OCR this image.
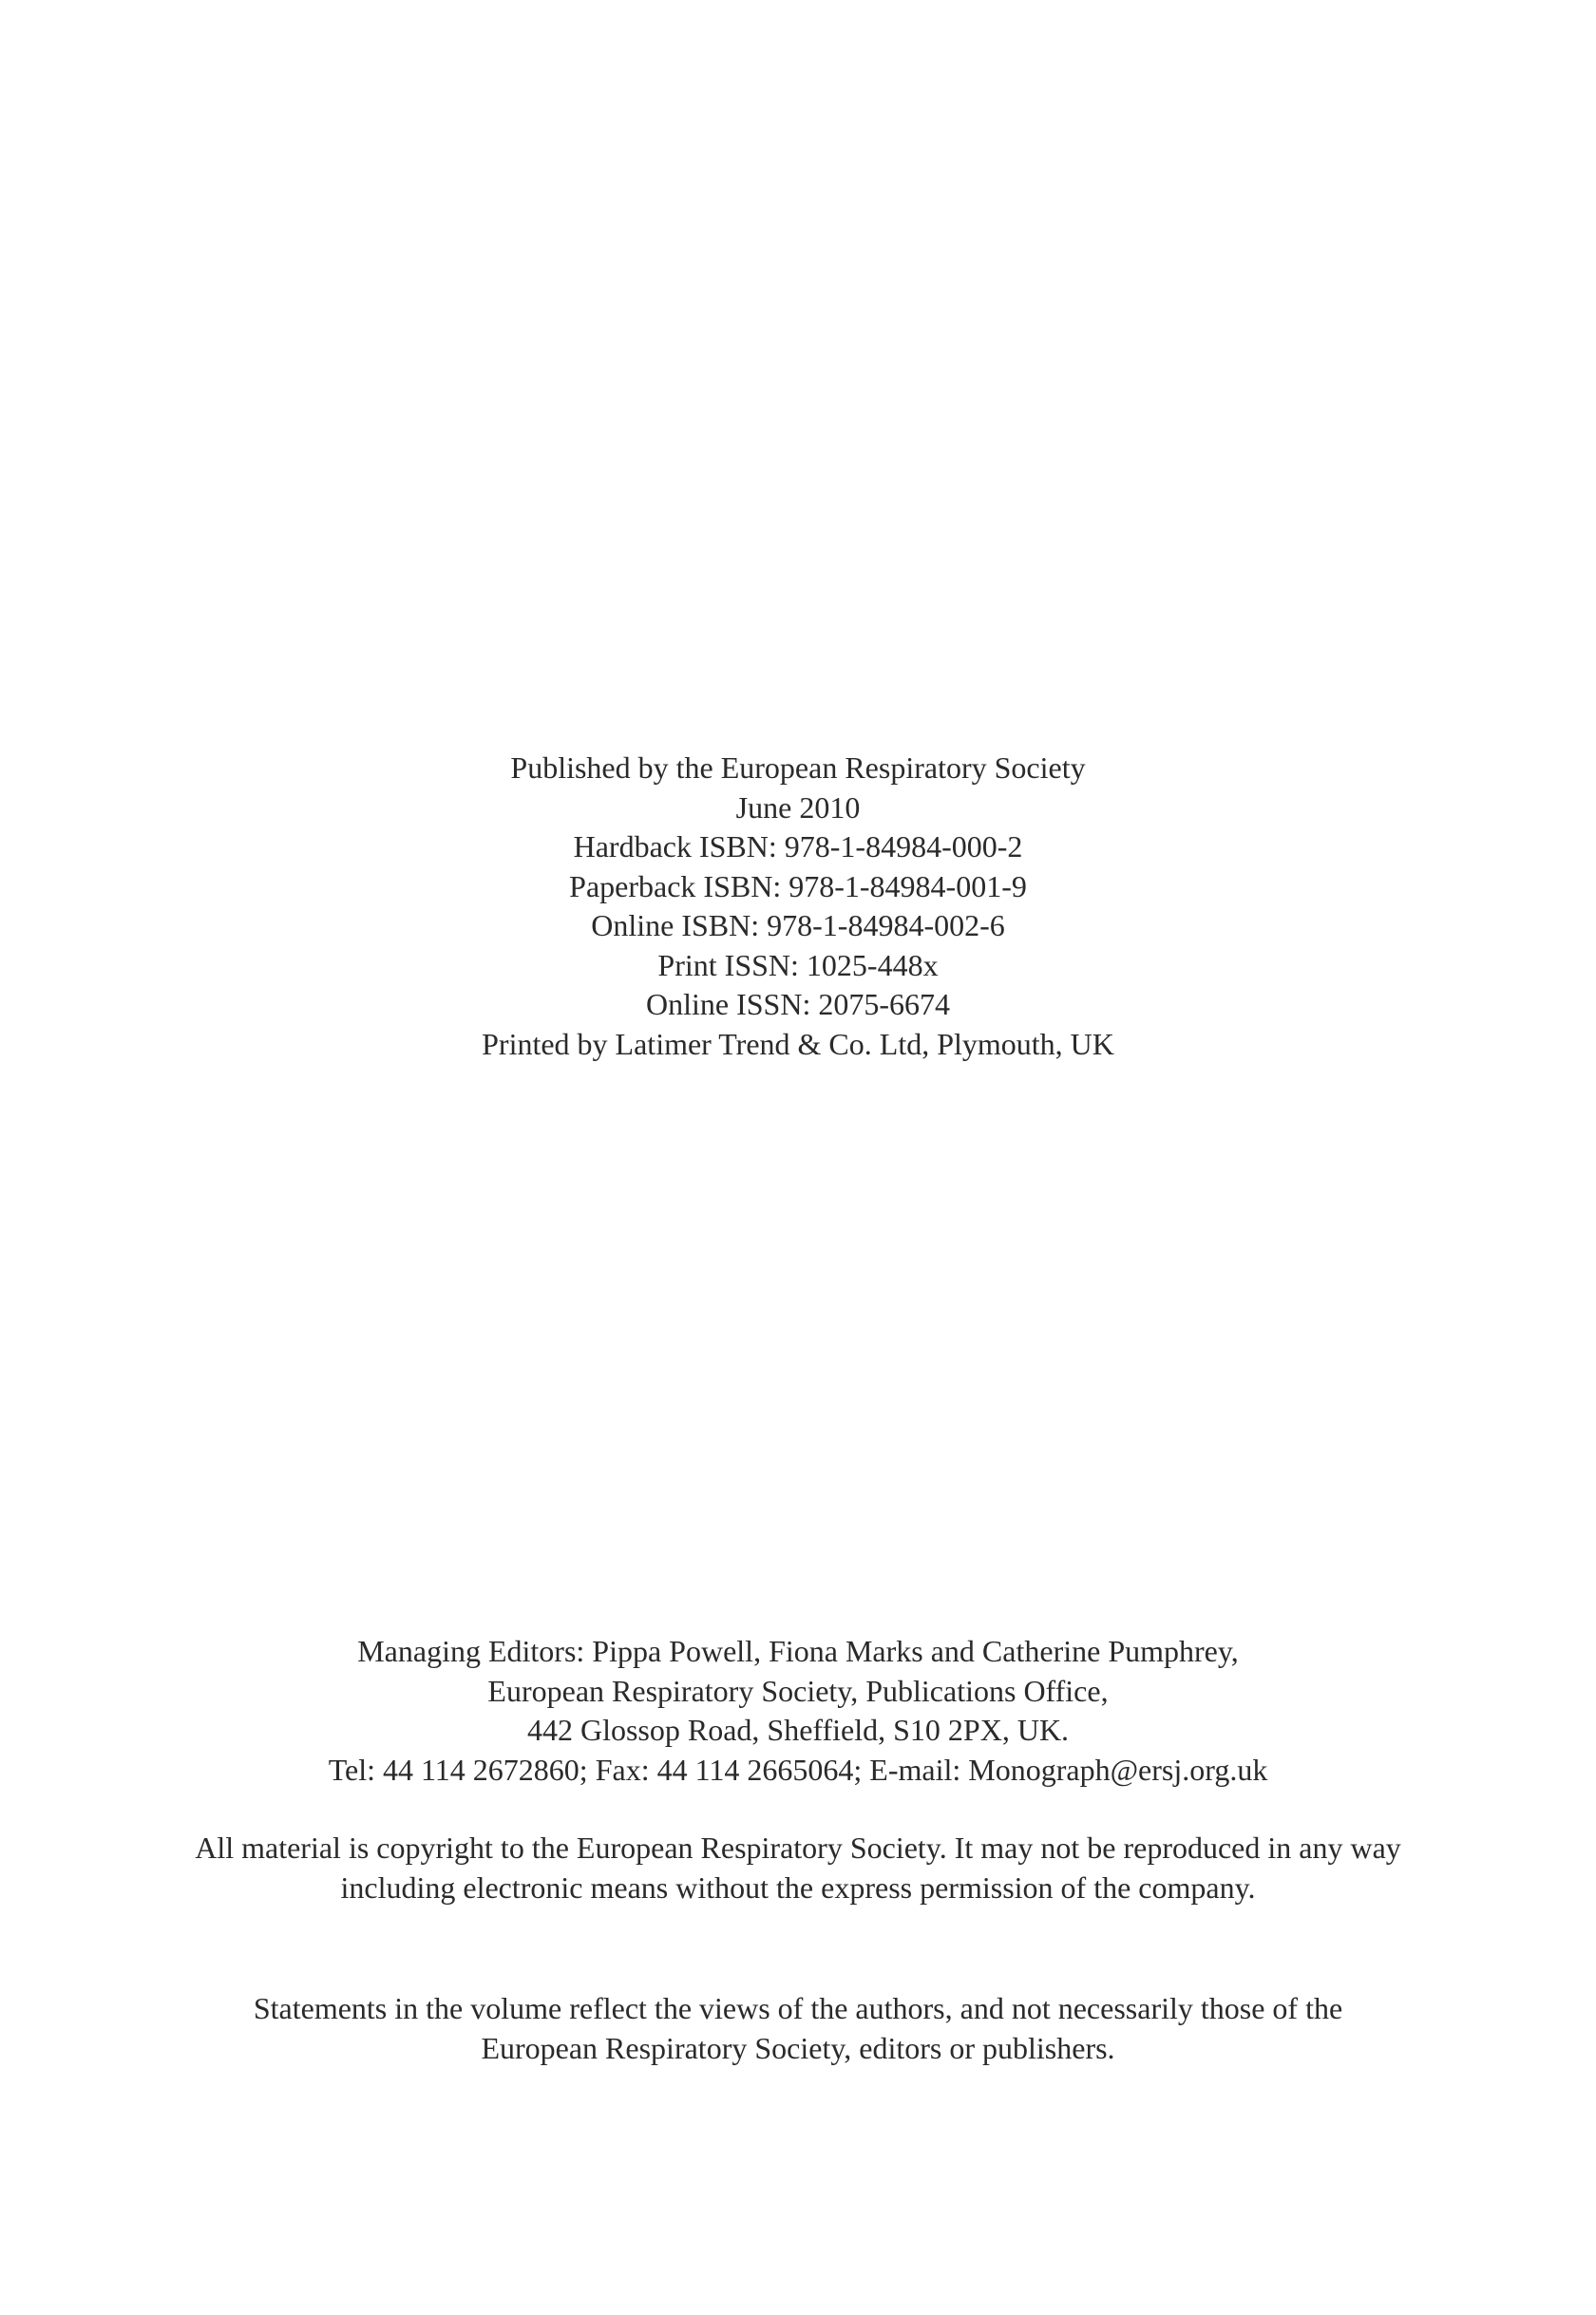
Published by the European Respiratory Society
June 2010
Hardback ISBN: 978-1-84984-000-2
Paperback ISBN: 978-1-84984-001-9
Online ISBN: 978-1-84984-002-6
Print ISSN: 1025-448x
Online ISSN: 2075-6674
Printed by Latimer Trend & Co. Ltd, Plymouth, UK
Managing Editors: Pippa Powell, Fiona Marks and Catherine Pumphrey,
European Respiratory Society, Publications Office,
442 Glossop Road, Sheffield, S10 2PX, UK.
Tel: 44 114 2672860; Fax: 44 114 2665064; E-mail: Monograph@ersj.org.uk
All material is copyright to the European Respiratory Society. It may not be reproduced in any way
including electronic means without the express permission of the company.
Statements in the volume reflect the views of the authors, and not necessarily those of the
European Respiratory Society, editors or publishers.
